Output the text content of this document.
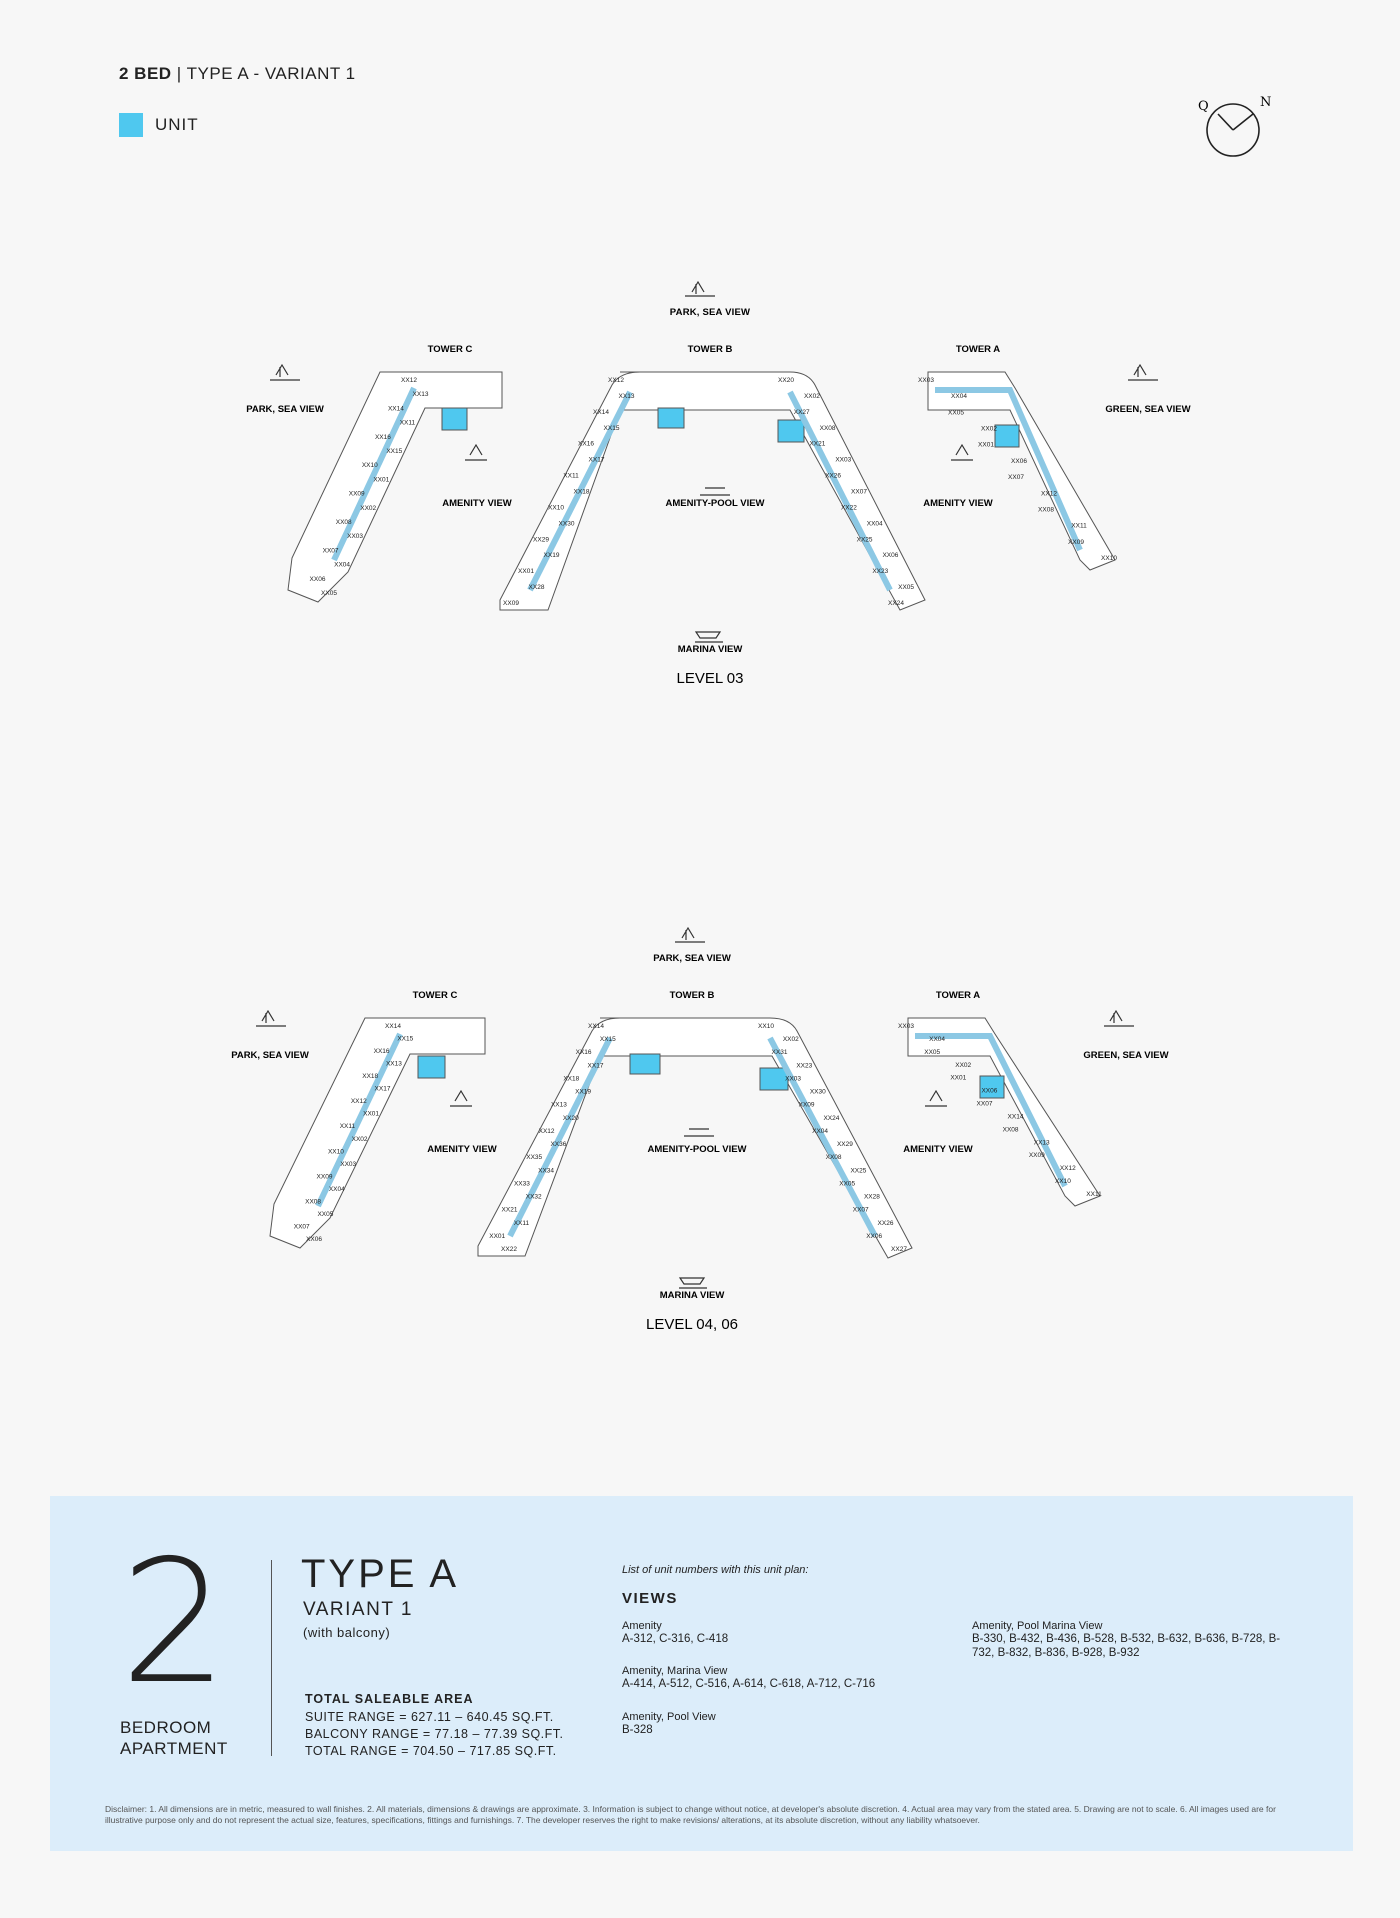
2 BED | TYPE A - VARIANT 1
UNIT
Q	N
PARK, SEA VIEW
PARK, SEA VIEW	GREEN, SEA VIEW
AMENITY VIEW	AMENITY VIEW
AMENITY-POOL VIEW
MARINA VIEW
TOWER C	TOWER B	TOWER A
LEVEL 03
XX12
XX13
XX14
XX11
XX16
XX15
XX10
XX01
XX09
XX02
XX08
XX03
XX07
XX04
XX06
XX05
XX12
XX13
XX14
XX15
XX16
XX17
XX11
XX18
XX10
XX30
XX29
XX19
XX01
XX28
XX09
XX20
XX02
XX27
XX08
XX21
XX03
XX26
XX07
XX22
XX04
XX25
XX06
XX23
XX05
XX24
XX03
XX04
XX05
XX02
XX01
XX06
XX07
XX12
XX08
XX11
XX09
XX10
PARK, SEA VIEW
PARK, SEA VIEW	GREEN, SEA VIEW
AMENITY VIEW	AMENITY VIEW
AMENITY-POOL VIEW
MARINA VIEW
TOWER C	TOWER B	TOWER A
LEVEL 04, 06
XX14
XX15
XX16
XX13
XX18
XX17
XX12
XX01
XX11
XX02
XX10
XX03
XX09
XX04
XX08
XX05
XX07
XX06
XX14
XX15
XX16
XX17
XX18
XX19
XX13
XX20
XX12
XX36
XX35
XX34
XX33
XX32
XX21
XX11
XX01
XX22
XX10
XX02
XX31
XX23
XX03
XX30
XX09
XX24
XX04
XX29
XX08
XX25
XX05
XX28
XX07
XX26
XX06
XX27
XX03
XX04
XX05
XX02
XX01
XX06
XX07
XX14
XX08
XX13
XX09
XX12
XX10
XX11
2
BEDROOM
APARTMENT
TYPE A
VARIANT 1
(with balcony)
TOTAL SALEABLE AREA
SUITE RANGE = 627.11 – 640.45 SQ.FT.
BALCONY RANGE = 77.18 – 77.39 SQ.FT.
TOTAL RANGE = 704.50 – 717.85 SQ.FT.
List of unit numbers with this unit plan:
VIEWS
Amenity
A-312, C-316, C-418
Amenity, Marina View
A-414, A-512, C-516, A-614, C-618, A-712, C-716
Amenity, Pool View
B-328
Amenity, Pool Marina View
B-330, B-432, B-436, B-528, B-532, B-632, B-636, B-728, B-732, B-832, B-836, B-928, B-932
Disclaimer: 1. All dimensions are in metric, measured to wall finishes. 2. All materials, dimensions & drawings are approximate. 3. Information is subject to change without notice, at developer's absolute discretion. 4. Actual area may vary from the stated area. 5. Drawing are not to scale. 6. All images used are for illustrative purpose only and do not represent the actual size, features, specifications, fittings and furnishings. 7. The developer reserves the right to make revisions/ alterations, at its absolute discretion, without any liability whatsoever.
